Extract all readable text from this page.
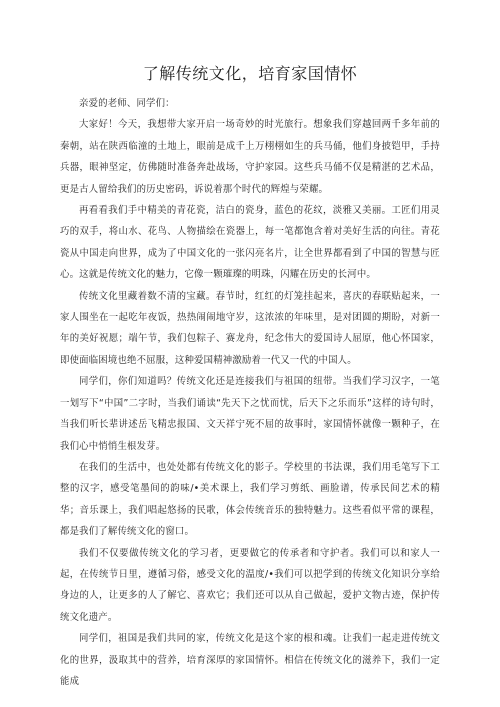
了解传统文化，培育家国情怀

亲爱的老师、同学们：

大家好！今天，我想带大家开启一场奇妙的时光旅行。想象我们穿越回两千多年前的秦朝，站在陕西临潼的土地上，眼前是成千上万栩栩如生的兵马俑，他们身披铠甲，手持兵器，眼神坚定，仿佛随时准备奔赴战场，守护家园。这些兵马俑不仅是精湛的艺术品，更是古人留给我们的历史密码，诉说着那个时代的辉煌与荣耀。

再看看我们手中精美的青花瓷，洁白的瓷身，蓝色的花纹，淡雅又美丽。工匠们用灵巧的双手，将山水、花鸟、人物描绘在瓷器上，每一笔都饱含着对美好生活的向往。青花瓷从中国走向世界，成为了中国文化的一张闪亮名片，让全世界都看到了中国的智慧与匠心。这就是传统文化的魅力，它像一颗璀璨的明珠，闪耀在历史的长河中。

传统文化里藏着数不清的宝藏。春节时，红红的灯笼挂起来，喜庆的春联贴起来，一家人围坐在一起吃年夜饭，热热闹闹地守岁，这浓浓的年味里，是对团圆的期盼，对新一年的美好祝愿；端午节，我们包粽子、赛龙舟，纪念伟大的爱国诗人屈原，他心怀国家，即使面临困境也绝不屈服，这种爱国精神激励着一代又一代的中国人。

同学们，你们知道吗？传统文化还是连接我们与祖国的纽带。当我们学习汉字，一笔一划写下“中国”二字时，当我们诵读“先天下之忧而忧，后天下之乐而乐”这样的诗句时，当我们听长辈讲述岳飞精忠报国、文天祥宁死不屈的故事时，家国情怀就像一颗种子，在我们心中悄悄生根发芽。

在我们的生活中，也处处都有传统文化的影子。学校里的书法课，我们用毛笔写下工整的汉字，感受笔墨间的韵味/•美术课上，我们学习剪纸、画脸谱，传承民间艺术的精华；音乐课上，我们唱起悠扬的民歌，体会传统音乐的独特魅力。这些看似平常的课程，都是我们了解传统文化的窗口。

我们不仅要做传统文化的学习者，更要做它的传承者和守护者。我们可以和家人一起，在传统节日里，遵循习俗，感受文化的温度/•我们可以把学到的传统文化知识分享给身边的人，让更多的人了解它、喜欢它；我们还可以从自己做起，爱护文物古迹，保护传统文化遗产。

同学们，祖国是我们共同的家，传统文化是这个家的根和魂。让我们一起走进传统文化的世界，汲取其中的营养，培育深厚的家国情怀。相信在传统文化的滋养下，我们一定能成
